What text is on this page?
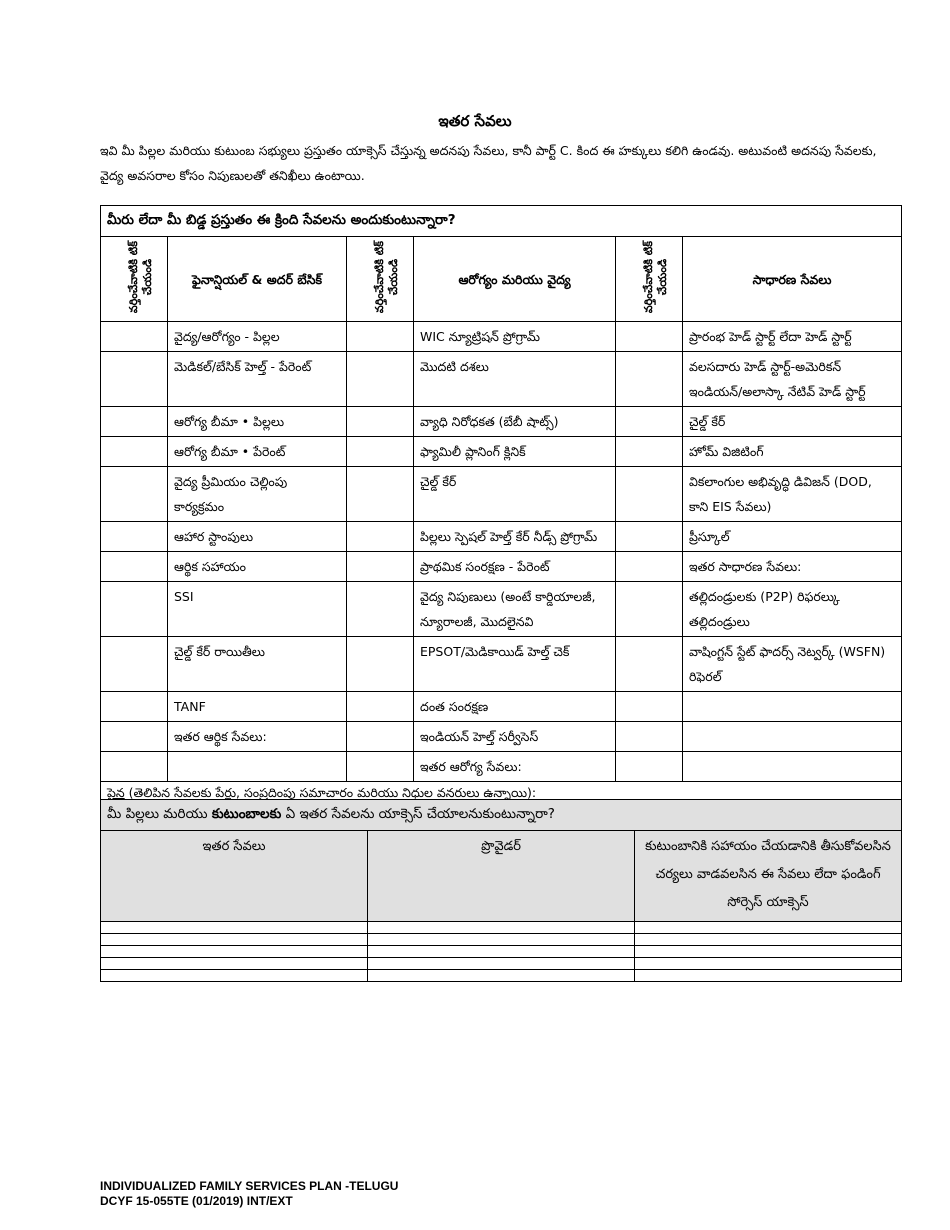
ఇతర సేవలు
ఇవి మీ పిల్లల మరియు కుటుంబ సభ్యులు ప్రస్తుతం యాక్సెస్ చేస్తున్న అదనపు సేవలు, కానీ పార్ట్ C. కింద ఈ హక్కులు కలిగి ఉండవు. అటువంటి అదనపు సేవలకు, వైద్య అవసరాల కోసం నిపుణులతో తనిఖీలు ఉంటాయి.
మీరు లేదా మీ బిడ్డ ప్రస్తుతం ఈ క్రింది సేవలను అందుకుంటున్నారా?					
వర్తించేవాటికి టిక్ చేయండి	ఫైనాన్షియల్ & అదర్ బేసిక్	వర్తించేవాటికి టిక్ చేయండి	ఆరోగ్యం మరియు వైద్య	వర్తించేవాటికి టిక్ చేయండి	సాధారణ సేవలు
	వైద్య/ఆరోగ్యం - పిల్లల		WIC న్యూట్రిషన్ ప్రోగ్రామ్		ప్రారంభ హెడ్ స్టార్ట్ లేదా హెడ్ స్టార్ట్
	మెడికల్/బేసిక్ హెల్త్ - పేరెంట్		మొదటి దశలు		వలసదారు హెడ్ స్టార్ట్-అమెరికన్ ఇండియన్/అలాస్కా నేటివ్ హెడ్ స్టార్ట్
	ఆరోగ్య బీమా • పిల్లలు		వ్యాధి నిరోధకత (బేబీ షాట్స్)		చైల్డ్ కేర్
	ఆరోగ్య బీమా • పేరెంట్		ఫ్యామిలీ ప్లానింగ్ క్లినిక్		హోమ్ విజిటింగ్
	వైద్య ప్రీమియం చెల్లింపు కార్యక్రమం		చైల్డ్ కేర్		వికలాంగుల అభివృద్ధి డివిజన్ (DOD, కాని EIS సేవలు)
	ఆహార స్టాంపులు		పిల్లలు స్పెషల్ హెల్త్ కేర్ నీడ్స్ ప్రోగ్రామ్		ప్రీస్కూల్
	ఆర్థిక సహాయం		ప్రాథమిక సంరక్షణ - పేరెంట్		ఇతర సాధారణ సేవలు:
	SSI		వైద్య నిపుణులు (అంటే కార్డియాలజీ, న్యూరాలజీ, మొదలైనవి		తల్లిదండ్రులకు (P2P) రిఫరల్కు తల్లిదండ్రులు
	చైల్డ్ కేర్ రాయితీలు		EPSOT/మెడికాయిడ్ హెల్త్ చెక్		వాషింగ్టన్ స్టేట్ ఫాదర్స్ నెట్వర్క్ (WSFN) రిఫెరల్
	TANF		దంత సంరక్షణ		
	ఇతర ఆర్థిక సేవలు:		ఇండియన్ హెల్త్ సర్వీసెస్		
			ఇతర ఆరోగ్య సేవలు:		
పైన (తెలిపిన సేవలకు పేర్లు, సంప్రదింపు సమాచారం మరియు నిధుల వనరులు ఉన్నాయి):					
మీ పిల్లలు మరియు కుటుంబాలకు ఏ ఇతర సేవలను యాక్సెస్ చేయాలనుకుంటున్నారా?		
ఇతర సేవలు	ప్రొవైడర్	కుటుంబానికి సహాయం చేయడానికి తీసుకోవలసిన చర్యలు వాడవలసిన ఈ సేవలు లేదా ఫండింగ్ సోర్సెస్ యాక్సెస్

INDIVIDUALIZED FAMILY SERVICES PLAN -TELUGU
DCYF 15-055TE (01/2019) INT/EXT
